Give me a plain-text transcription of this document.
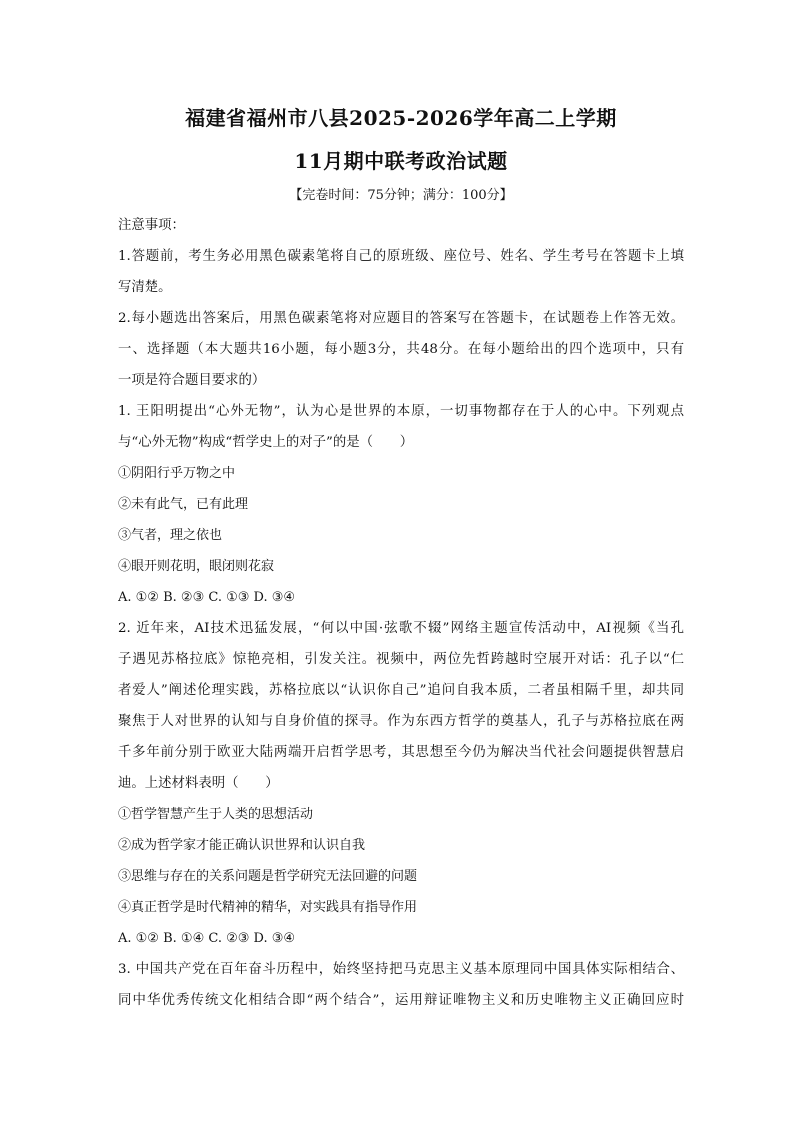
福建省福州市八县2025-2026学年高二上学期
11月期中联考政治试题
【完卷时间：75分钟；满分：100分】
注意事项：
1.答题前，考生务必用黑色碳素笔将自己的原班级、座位号、姓名、学生考号在答题卡上填
写清楚。
2.每小题选出答案后，用黑色碳素笔将对应题目的答案写在答题卡，在试题卷上作答无效。
一、选择题（本大题共16小题，每小题3分，共48分。在每小题给出的四个选项中，只有
一项是符合题目要求的）
1. 王阳明提出“心外无物”，认为心是世界的本原，一切事物都存在于人的心中。下列观点
与“心外无物”构成“哲学史上的对子”的是（　　）
①阴阳行乎万物之中
②未有此气，已有此理
③气者，理之依也
④眼开则花明，眼闭则花寂
A. ①② B. ②③ C. ①③ D. ③④
2. 近年来，AI技术迅猛发展，“何以中国·弦歌不辍”网络主题宣传活动中，AI视频《当孔
子遇见苏格拉底》惊艳亮相，引发关注。视频中，两位先哲跨越时空展开对话：孔子以“仁
者爱人”阐述伦理实践，苏格拉底以“认识你自己”追问自我本质，二者虽相隔千里，却共同
聚焦于人对世界的认知与自身价值的探寻。作为东西方哲学的奠基人，孔子与苏格拉底在两
千多年前分别于欧亚大陆两端开启哲学思考，其思想至今仍为解决当代社会问题提供智慧启
迪。上述材料表明（　　）
①哲学智慧产生于人类的思想活动
②成为哲学家才能正确认识世界和认识自我
③思维与存在的关系问题是哲学研究无法回避的问题
④真正哲学是时代精神的精华，对实践具有指导作用
A. ①② B. ①④ C. ②③ D. ③④
3. 中国共产党在百年奋斗历程中，始终坚持把马克思主义基本原理同中国具体实际相结合、
同中华优秀传统文化相结合即“两个结合”，运用辩证唯物主义和历史唯物主义正确回应时
